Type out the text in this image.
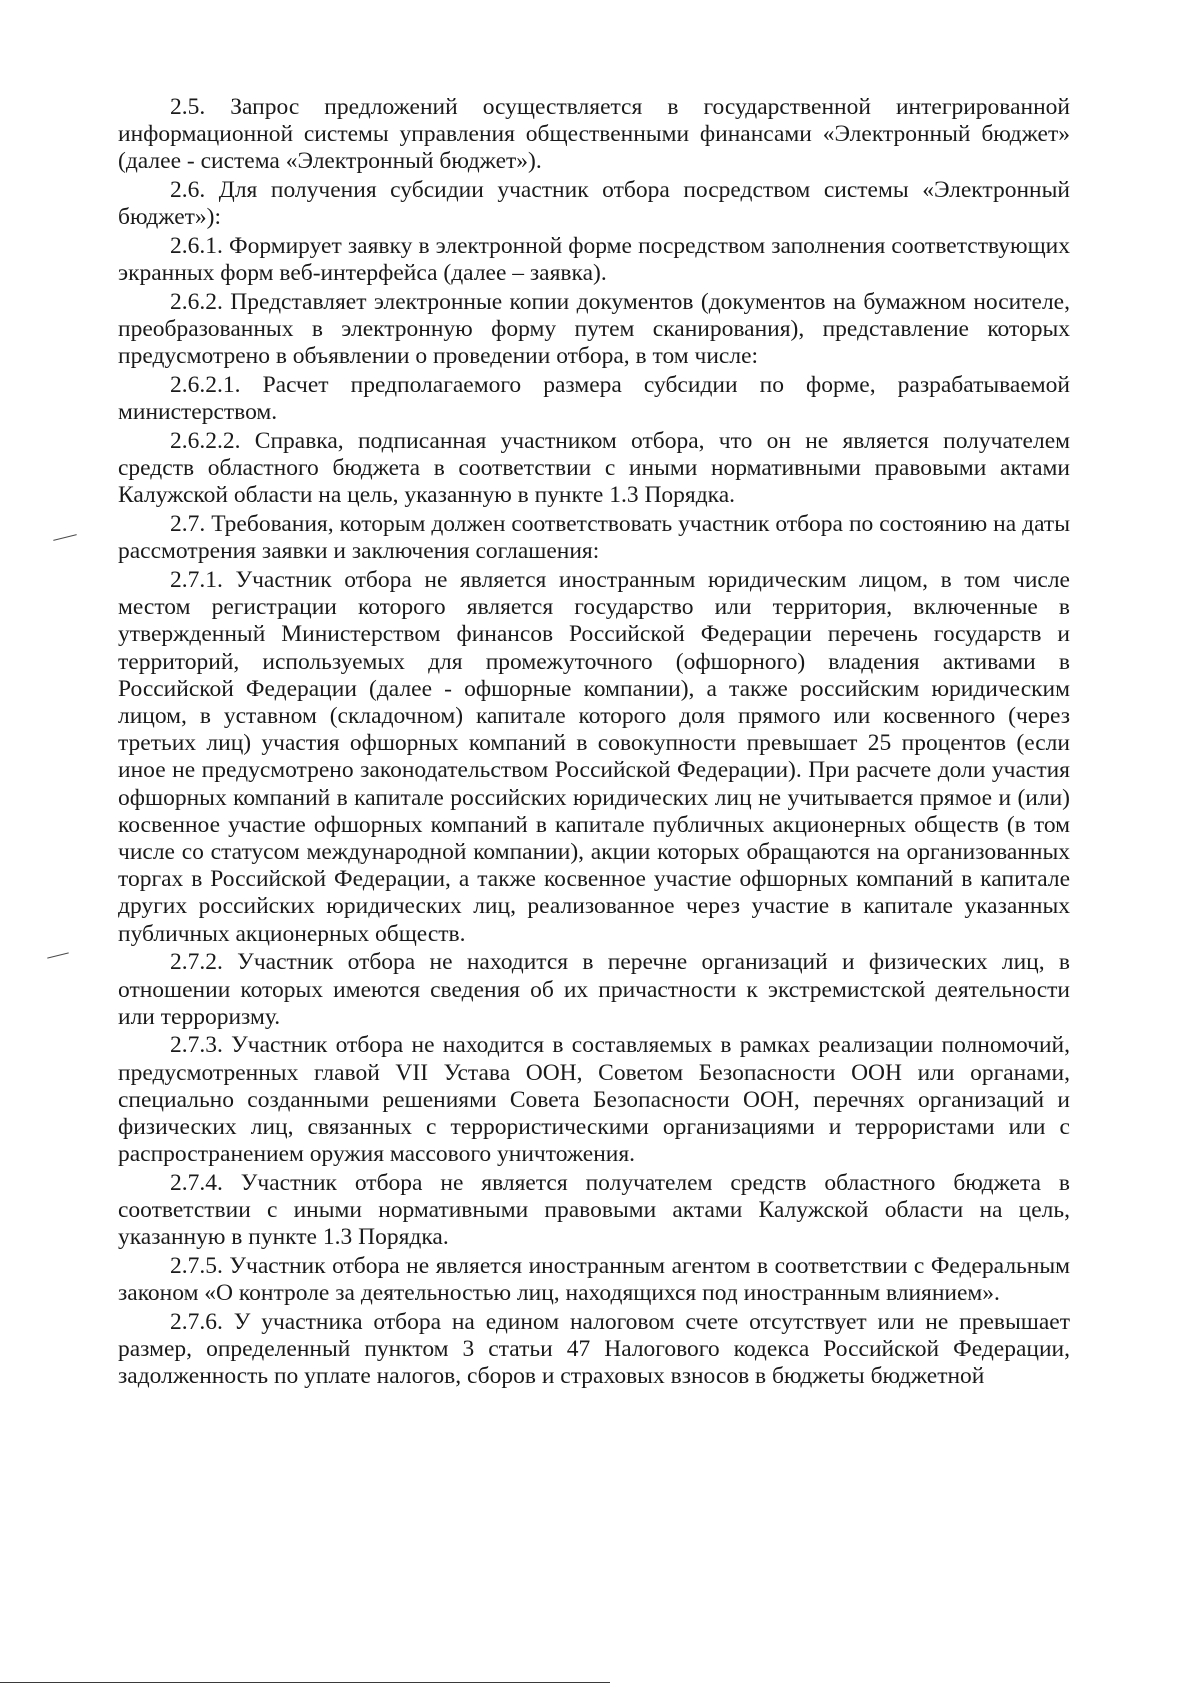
2.5. Запрос предложений осуществляется в государственной интегрированной информационной системы управления общественными финансами «Электронный бюджет» (далее - система «Электронный бюджет»).

2.6. Для получения субсидии участник отбора посредством системы «Электронный бюджет»):

2.6.1. Формирует заявку в электронной форме посредством заполнения соответствующих экранных форм веб-интерфейса (далее – заявка).

2.6.2. Представляет электронные копии документов (документов на бумажном носителе, преобразованных в электронную форму путем сканирования), представление которых предусмотрено в объявлении о проведении отбора, в том числе:

2.6.2.1. Расчет предполагаемого размера субсидии по форме, разрабатываемой министерством.

2.6.2.2. Справка, подписанная участником отбора, что он не является получателем средств областного бюджета в соответствии с иными нормативными правовыми актами Калужской области на цель, указанную в пункте 1.3 Порядка.

2.7. Требования, которым должен соответствовать участник отбора по состоянию на даты рассмотрения заявки и заключения соглашения:

2.7.1. Участник отбора не является иностранным юридическим лицом, в том числе местом регистрации которого является государство или территория, включенные в утвержденный Министерством финансов Российской Федерации перечень государств и территорий, используемых для промежуточного (офшорного) владения активами в Российской Федерации (далее - офшорные компании), а также российским юридическим лицом, в уставном (складочном) капитале которого доля прямого или косвенного (через третьих лиц) участия офшорных компаний в совокупности превышает 25 процентов (если иное не предусмотрено законодательством Российской Федерации). При расчете доли участия офшорных компаний в капитале российских юридических лиц не учитывается прямое и (или) косвенное участие офшорных компаний в капитале публичных акционерных обществ (в том числе со статусом международной компании), акции которых обращаются на организованных торгах в Российской Федерации, а также косвенное участие офшорных компаний в капитале других российских юридических лиц, реализованное через участие в капитале указанных публичных акционерных обществ.

2.7.2. Участник отбора не находится в перечне организаций и физических лиц, в отношении которых имеются сведения об их причастности к экстремистской деятельности или терроризму.

2.7.3. Участник отбора не находится в составляемых в рамках реализации полномочий, предусмотренных главой VII Устава ООН, Советом Безопасности ООН или органами, специально созданными решениями Совета Безопасности ООН, перечнях организаций и физических лиц, связанных с террористическими организациями и террористами или с распространением оружия массового уничтожения.

2.7.4. Участник отбора не является получателем средств областного бюджета в соответствии с иными нормативными правовыми актами Калужской области на цель, указанную в пункте 1.3 Порядка.

2.7.5. Участник отбора не является иностранным агентом в соответствии с Федеральным законом «О контроле за деятельностью лиц, находящихся под иностранным влиянием».

2.7.6. У участника отбора на едином налоговом счете отсутствует или не превышает размер, определенный пунктом 3 статьи 47 Налогового кодекса Российской Федерации, задолженность по уплате налогов, сборов и страховых взносов в бюджеты бюджетной
